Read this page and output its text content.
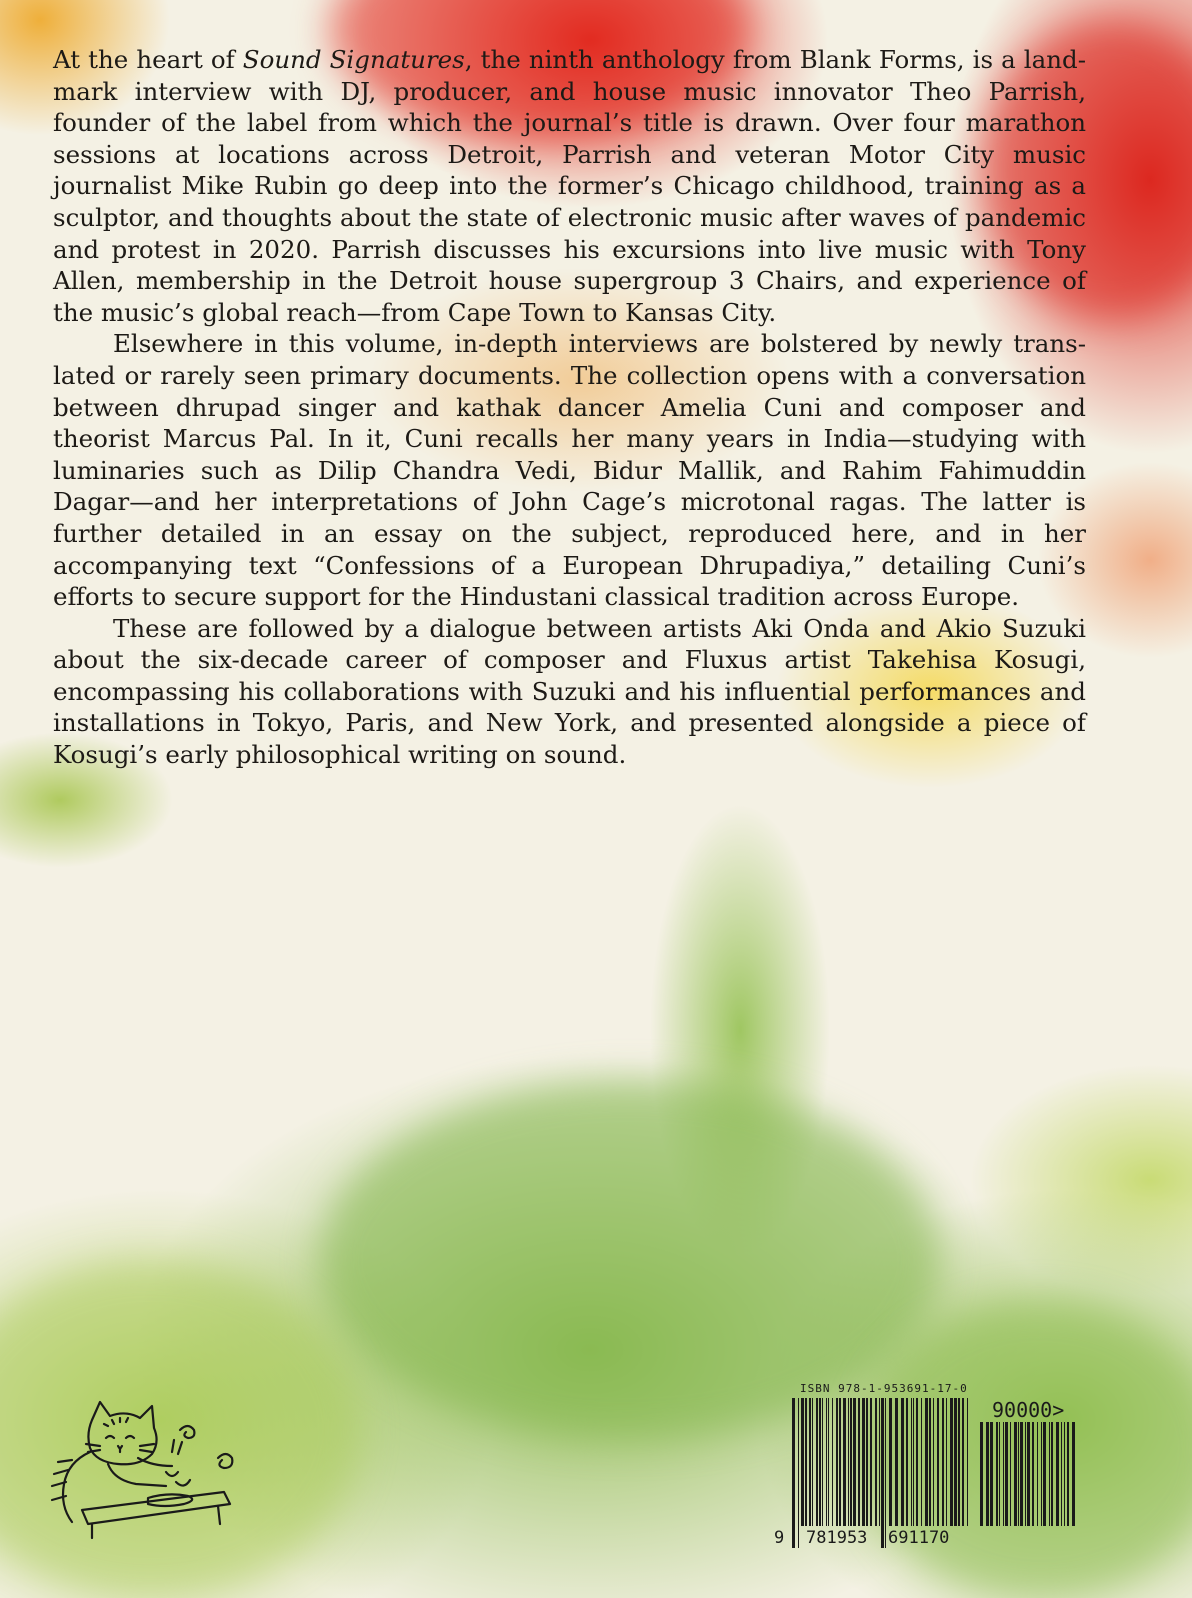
At the heart of Sound Signatures, the ninth anthology from Blank Forms, is a landmark interview with DJ, producer, and house music innovator Theo Parrish, founder of the label from which the journal’s title is drawn. Over four marathon sessions at locations across Detroit, Parrish and veteran Motor City music journalist Mike Rubin go deep into the former’s Chicago childhood, training as a sculptor, and thoughts about the state of electronic music after waves of pandemic and protest in 2020. Parrish discusses his excursions into live music with Tony Allen, membership in the Detroit house supergroup 3 Chairs, and experience of the music’s global reach—from Cape Town to Kansas City.

Elsewhere in this volume, in-depth interviews are bolstered by newly translated or rarely seen primary documents. The collection opens with a conversation between dhrupad singer and kathak dancer Amelia Cuni and composer and theorist Marcus Pal. In it, Cuni recalls her many years in India—studying with luminaries such as Dilip Chandra Vedi, Bidur Mallik, and Rahim Fahimuddin Dagar—and her interpretations of John Cage’s microtonal ragas. The latter is further detailed in an essay on the subject, reproduced here, and in her accompanying text “Confessions of a European Dhrupadiya,” detailing Cuni’s efforts to secure support for the Hindustani classical tradition across Europe.

These are followed by a dialogue between artists Aki Onda and Akio Suzuki about the six-decade career of composer and Fluxus artist Takehisa Kosugi, encompassing his collaborations with Suzuki and his influential performances and installations in Tokyo, Paris, and New York, and presented alongside a piece of Kosugi’s early philosophical writing on sound.

ISBN 978-1-953691-17-0
90000>
9 781953 691170
